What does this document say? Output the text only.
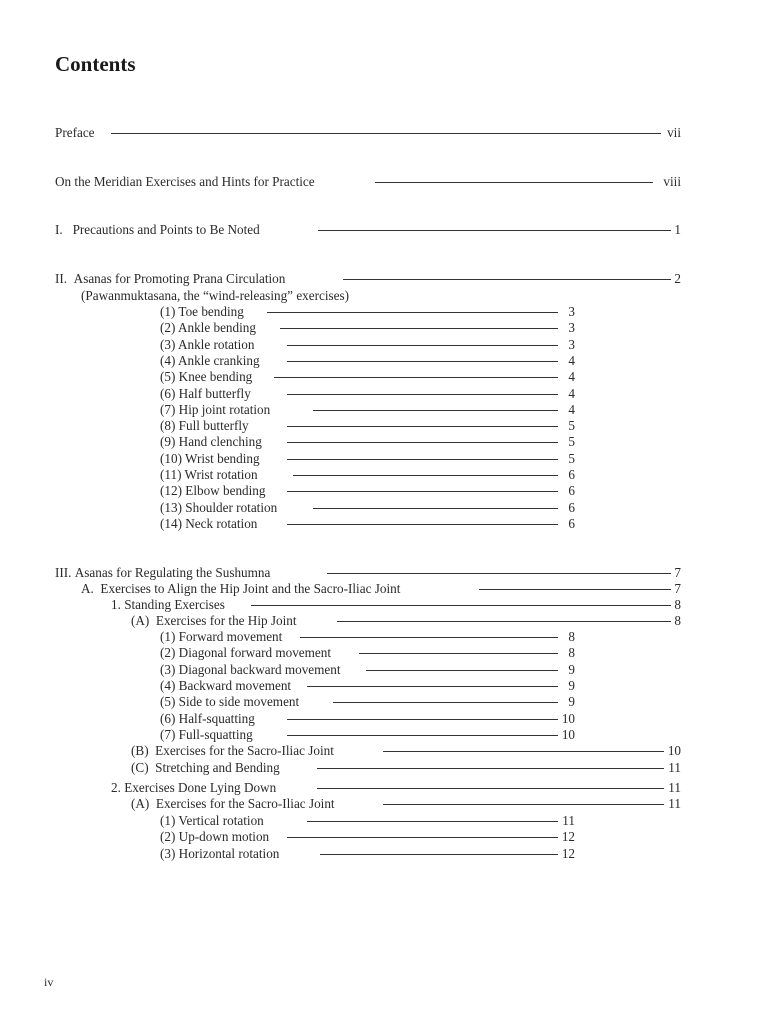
Contents
Preface	vii
On the Meridian Exercises and Hints for Practice	viii
I.   Precautions and Points to Be Noted	1
II.  Asanas for Promoting Prana Circulation	2
(Pawanmuktasana, the “wind-releasing” exercises)
(1) Toe bending	3
(2) Ankle bending	3
(3) Ankle rotation	3
(4) Ankle cranking	4
(5) Knee bending	4
(6) Half butterfly	4
(7) Hip joint rotation	4
(8) Full butterfly	5
(9) Hand clenching	5
(10) Wrist bending	5
(11) Wrist rotation	6
(12) Elbow bending	6
(13) Shoulder rotation	6
(14) Neck rotation	6
III. Asanas for Regulating the Sushumna	7
A.  Exercises to Align the Hip Joint and the Sacro-Iliac Joint	7
1. Standing Exercises	8
(A)  Exercises for the Hip Joint	8
(1) Forward movement	8
(2) Diagonal forward movement	8
(3) Diagonal backward movement	9
(4) Backward movement	9
(5) Side to side movement	9
(6) Half-squatting	10
(7) Full-squatting	10
(B)  Exercises for the Sacro-Iliac Joint	10
(C)  Stretching and Bending	11
2. Exercises Done Lying Down	11
(A)  Exercises for the Sacro-Iliac Joint	11
(1) Vertical rotation	11
(2) Up-down motion	12
(3) Horizontal rotation	12
iv
